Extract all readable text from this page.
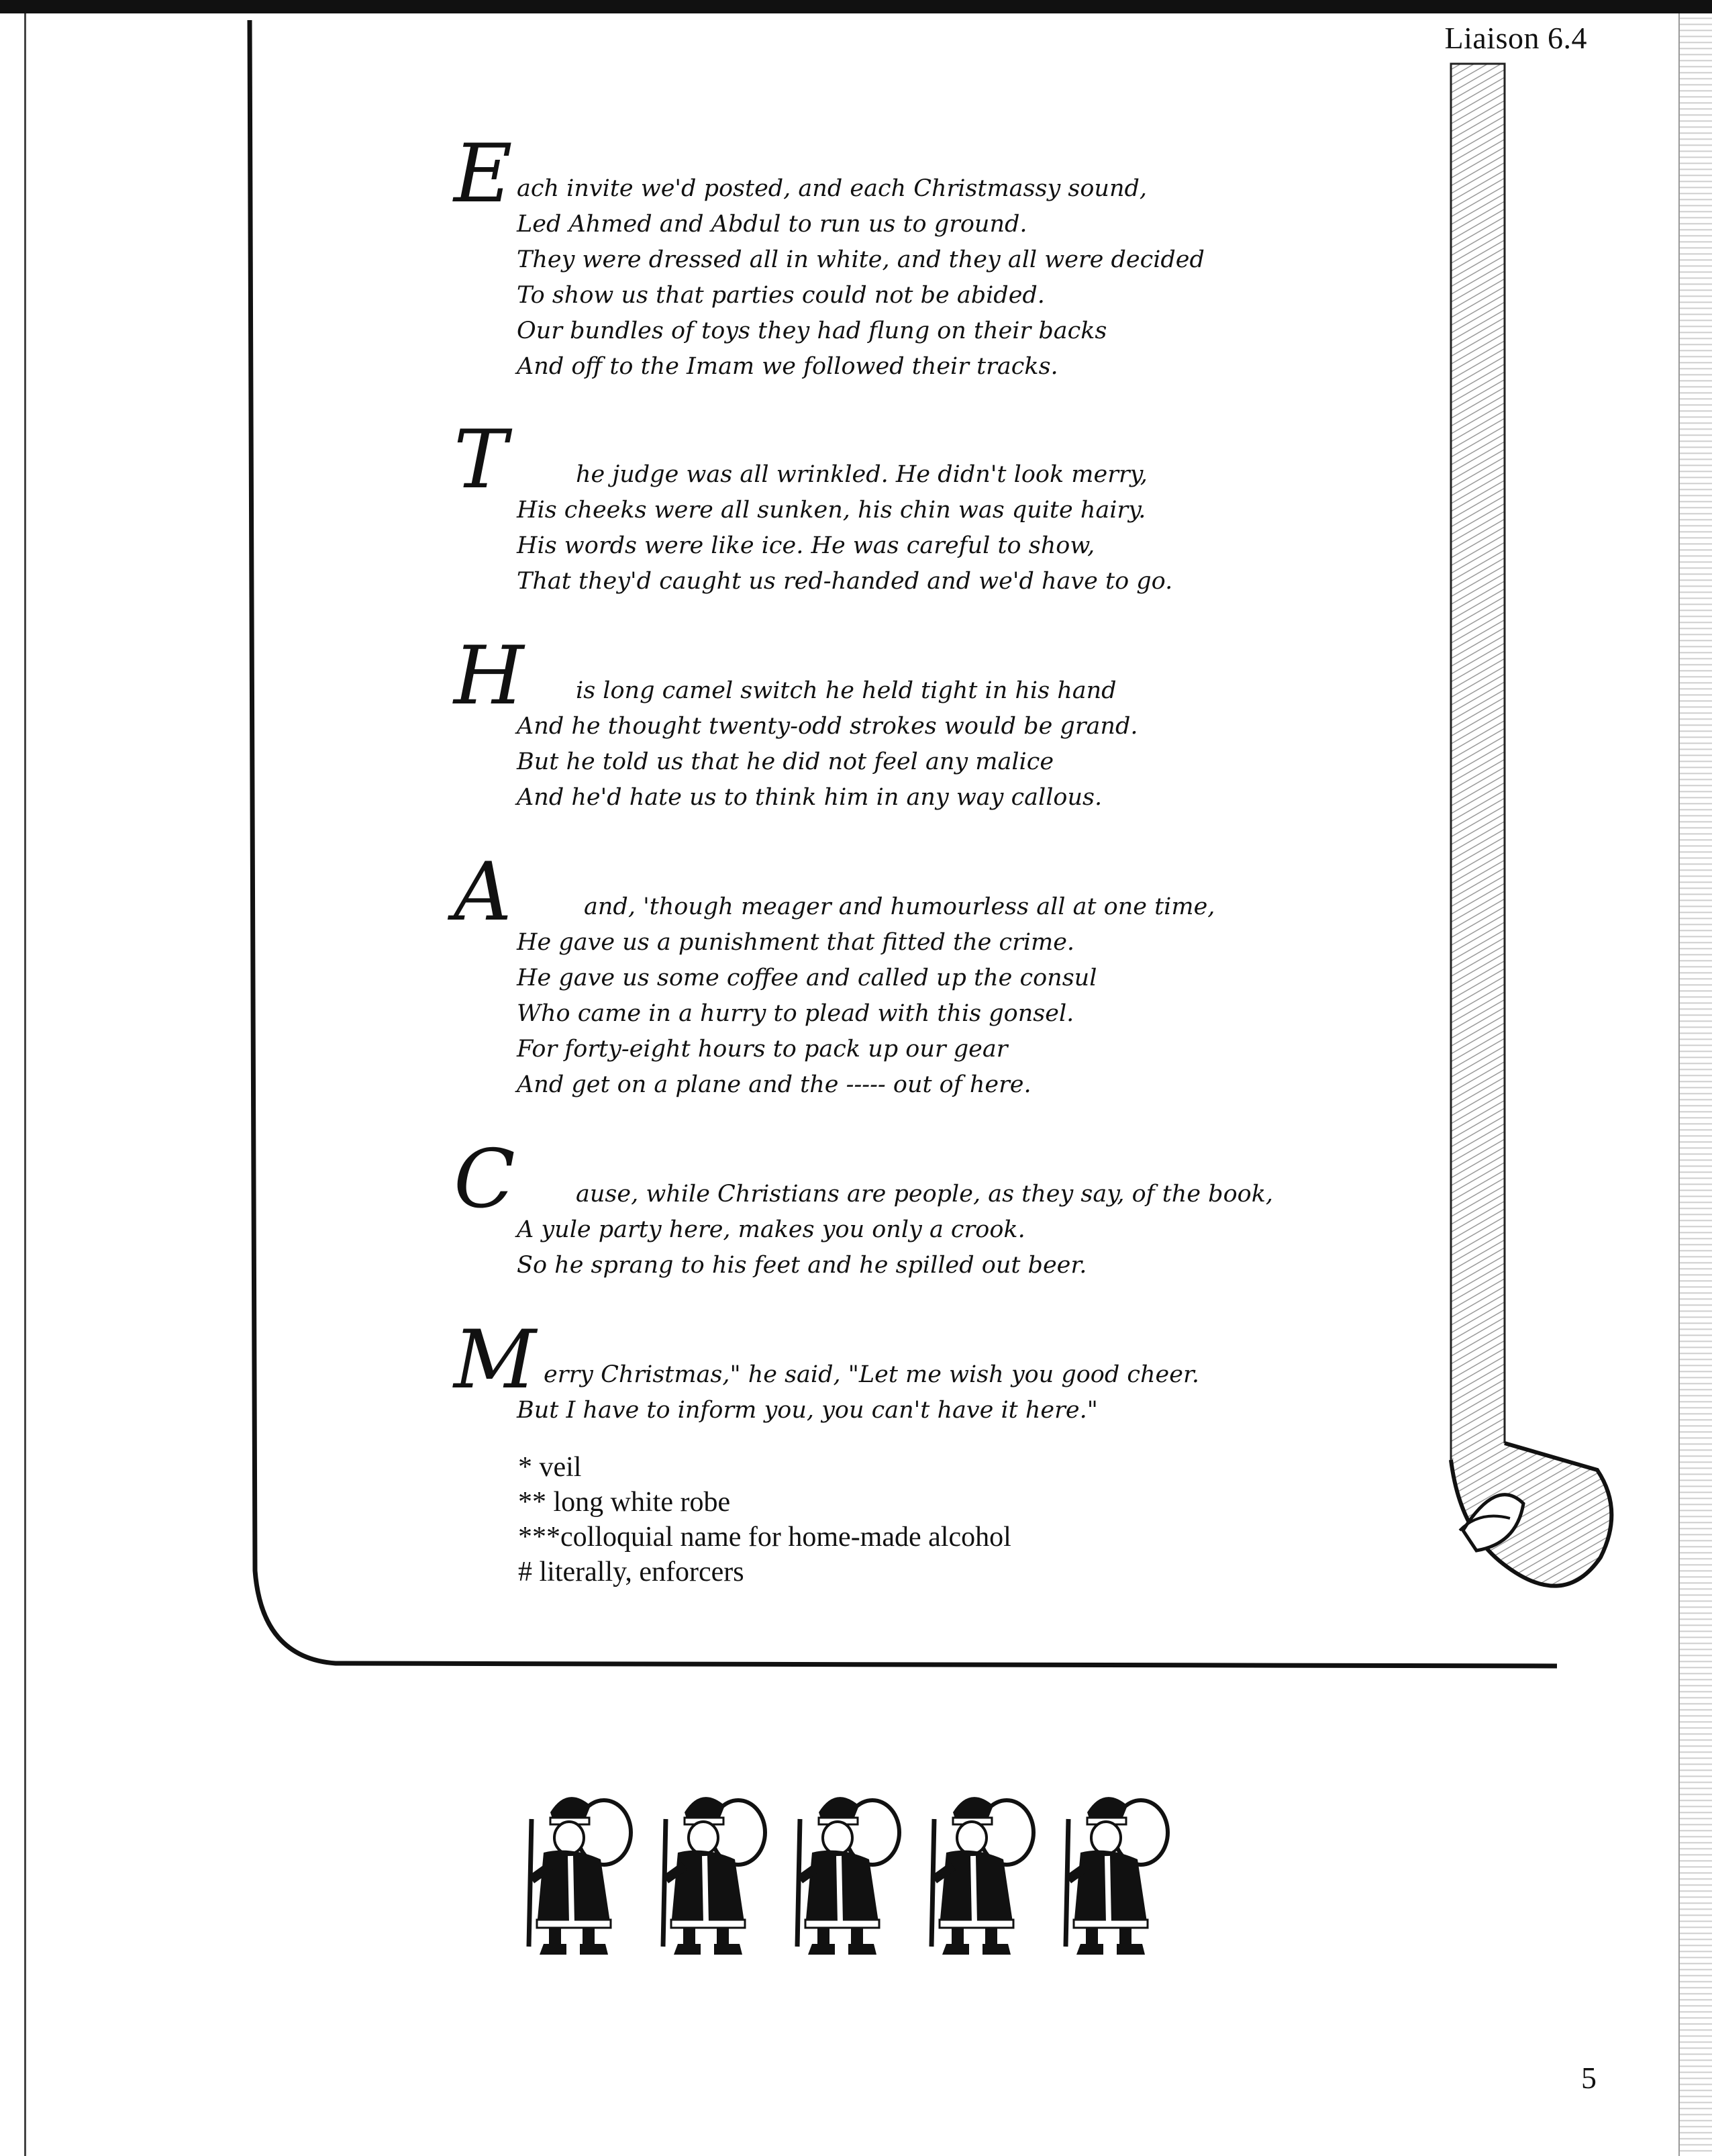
Liaison 6.4
E ach invite we'd posted, and each Christmassy sound,
Led Ahmed and Abdul to run us to ground.
They were dressed all in white, and they all were decided
To show us that parties could not be abided.
Our bundles of toys they had flung on their backs
And off to the Imam we followed their tracks.
T	he judge was all wrinkled. He didn't look merry,
His cheeks were all sunken, his chin was quite hairy.
His words were like ice. He was careful to show,
That they'd caught us red-handed and we'd have to go.
H	is long camel switch he held tight in his hand
And he thought twenty-odd strokes would be grand.
But he told us that he did not feel any malice
And he'd hate us to think him in any way callous.
A	and, 'though meager and humourless all at one time,
He gave us a punishment that fitted the crime.
He gave us some coffee and called up the consul
Who came in a hurry to plead with this gonsel.
For forty-eight hours to pack up our gear
And get on a plane and the ----- out of here.
C	ause, while Christians are people, as they say, of the book,
A yule party here, makes you only a crook.
So he sprang to his feet and he spilled out beer.
M erry Christmas," he said, "Let me wish you good cheer.
But I have to inform you, you can't have it here."
* veil
** long white robe
***colloquial name for home-made alcohol
# literally, enforcers
5
